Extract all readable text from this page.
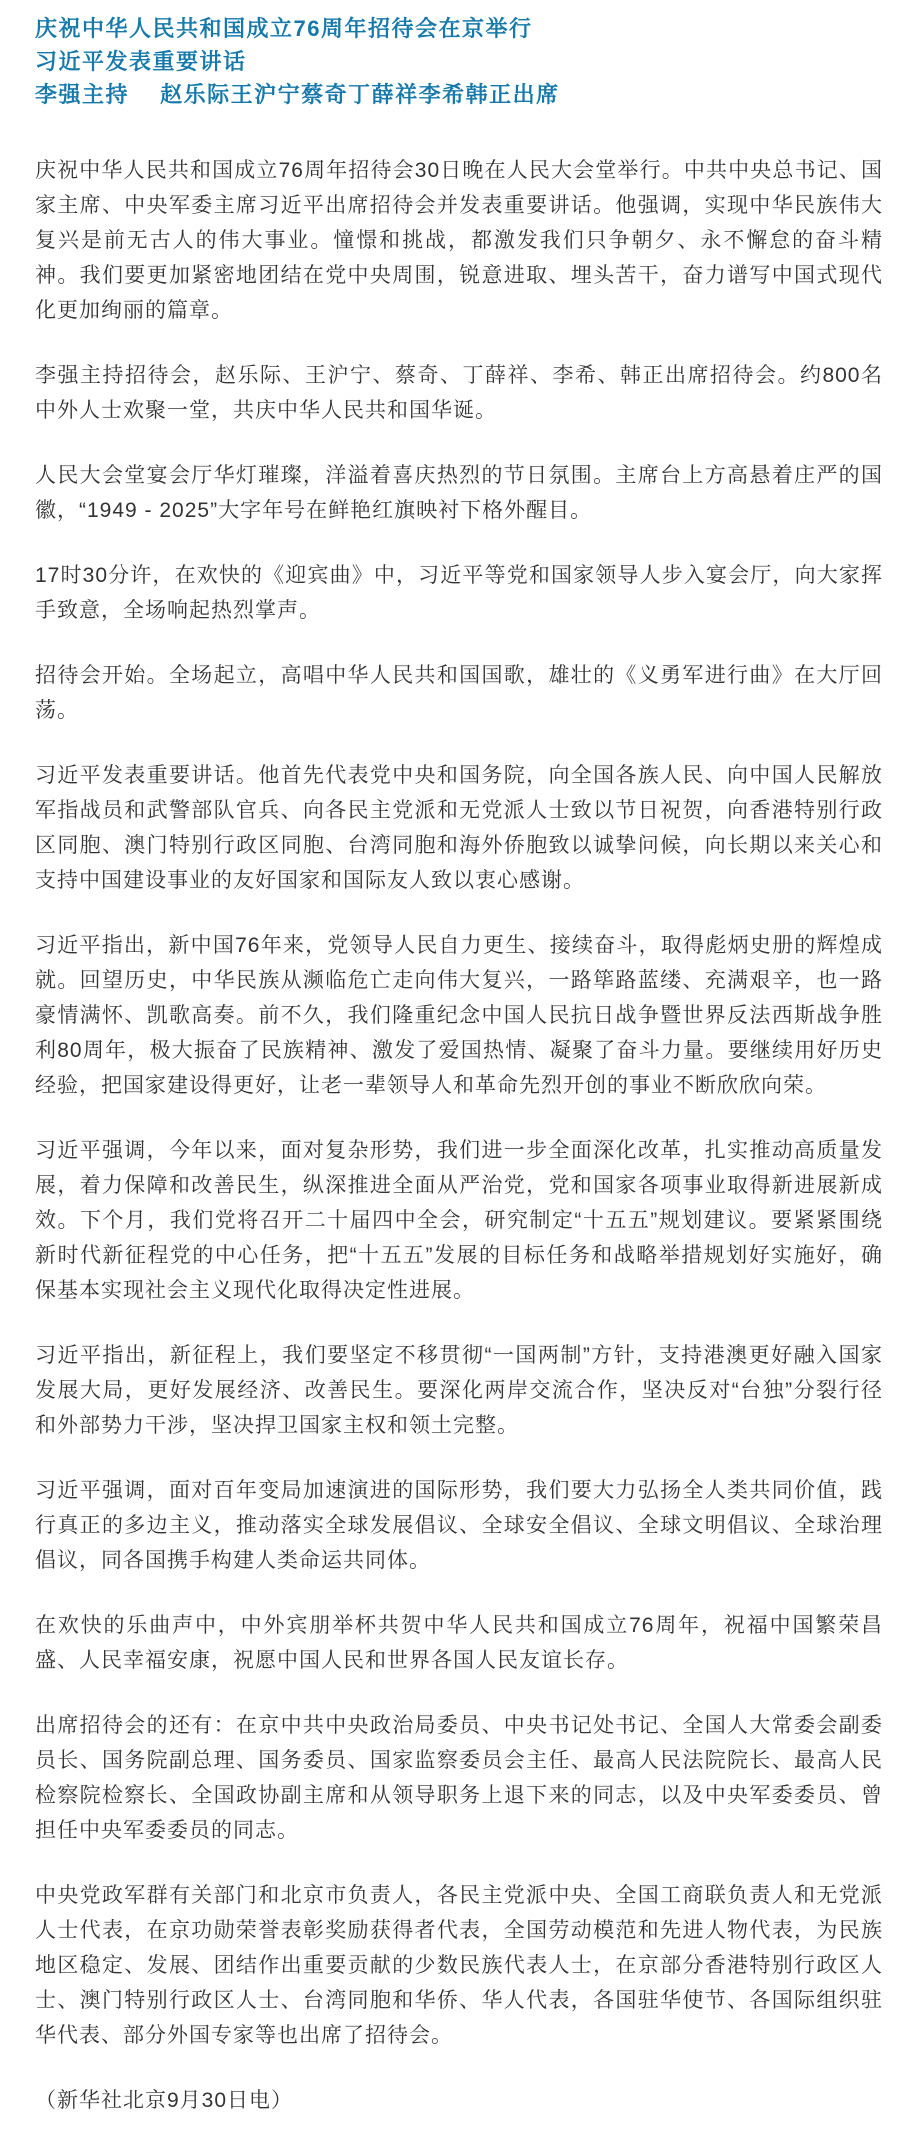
庆祝中华人民共和国成立76周年招待会在京举行
习近平发表重要讲话
李强主持　 赵乐际王沪宁蔡奇丁薛祥李希韩正出席

庆祝中华人民共和国成立76周年招待会30日晚在人民大会堂举行。中共中央总书记、国家主席、中央军委主席习近平出席招待会并发表重要讲话。他强调，实现中华民族伟大复兴是前无古人的伟大事业。憧憬和挑战，都激发我们只争朝夕、永不懈怠的奋斗精神。我们要更加紧密地团结在党中央周围，锐意进取、埋头苦干，奋力谱写中国式现代化更加绚丽的篇章。

李强主持招待会，赵乐际、王沪宁、蔡奇、丁薛祥、李希、韩正出席招待会。约800名中外人士欢聚一堂，共庆中华人民共和国华诞。

人民大会堂宴会厅华灯璀璨，洋溢着喜庆热烈的节日氛围。主席台上方高悬着庄严的国徽，“1949 - 2025”大字年号在鲜艳红旗映衬下格外醒目。

17时30分许，在欢快的《迎宾曲》中，习近平等党和国家领导人步入宴会厅，向大家挥手致意，全场响起热烈掌声。

招待会开始。全场起立，高唱中华人民共和国国歌，雄壮的《义勇军进行曲》在大厅回荡。

习近平发表重要讲话。他首先代表党中央和国务院，向全国各族人民、向中国人民解放军指战员和武警部队官兵、向各民主党派和无党派人士致以节日祝贺，向香港特别行政区同胞、澳门特别行政区同胞、台湾同胞和海外侨胞致以诚挚问候，向长期以来关心和支持中国建设事业的友好国家和国际友人致以衷心感谢。

习近平指出，新中国76年来，党领导人民自力更生、接续奋斗，取得彪炳史册的辉煌成就。回望历史，中华民族从濒临危亡走向伟大复兴，一路筚路蓝缕、充满艰辛，也一路豪情满怀、凯歌高奏。前不久，我们隆重纪念中国人民抗日战争暨世界反法西斯战争胜利80周年，极大振奋了民族精神、激发了爱国热情、凝聚了奋斗力量。要继续用好历史经验，把国家建设得更好，让老一辈领导人和革命先烈开创的事业不断欣欣向荣。

习近平强调，今年以来，面对复杂形势，我们进一步全面深化改革，扎实推动高质量发展，着力保障和改善民生，纵深推进全面从严治党，党和国家各项事业取得新进展新成效。下个月，我们党将召开二十届四中全会，研究制定“十五五”规划建议。要紧紧围绕新时代新征程党的中心任务，把“十五五”发展的目标任务和战略举措规划好实施好，确保基本实现社会主义现代化取得决定性进展。

习近平指出，新征程上，我们要坚定不移贯彻“一国两制”方针，支持港澳更好融入国家发展大局，更好发展经济、改善民生。要深化两岸交流合作，坚决反对“台独”分裂行径和外部势力干涉，坚决捍卫国家主权和领土完整。

习近平强调，面对百年变局加速演进的国际形势，我们要大力弘扬全人类共同价值，践行真正的多边主义，推动落实全球发展倡议、全球安全倡议、全球文明倡议、全球治理倡议，同各国携手构建人类命运共同体。

在欢快的乐曲声中，中外宾朋举杯共贺中华人民共和国成立76周年，祝福中国繁荣昌盛、人民幸福安康，祝愿中国人民和世界各国人民友谊长存。

出席招待会的还有：在京中共中央政治局委员、中央书记处书记、全国人大常委会副委员长、国务院副总理、国务委员、国家监察委员会主任、最高人民法院院长、最高人民检察院检察长、全国政协副主席和从领导职务上退下来的同志，以及中央军委委员、曾担任中央军委委员的同志。

中央党政军群有关部门和北京市负责人，各民主党派中央、全国工商联负责人和无党派人士代表，在京功勋荣誉表彰奖励获得者代表，全国劳动模范和先进人物代表，为民族地区稳定、发展、团结作出重要贡献的少数民族代表人士，在京部分香港特别行政区人士、澳门特别行政区人士、台湾同胞和华侨、华人代表，各国驻华使节、各国际组织驻华代表、部分外国专家等也出席了招待会。

（新华社北京9月30日电）
